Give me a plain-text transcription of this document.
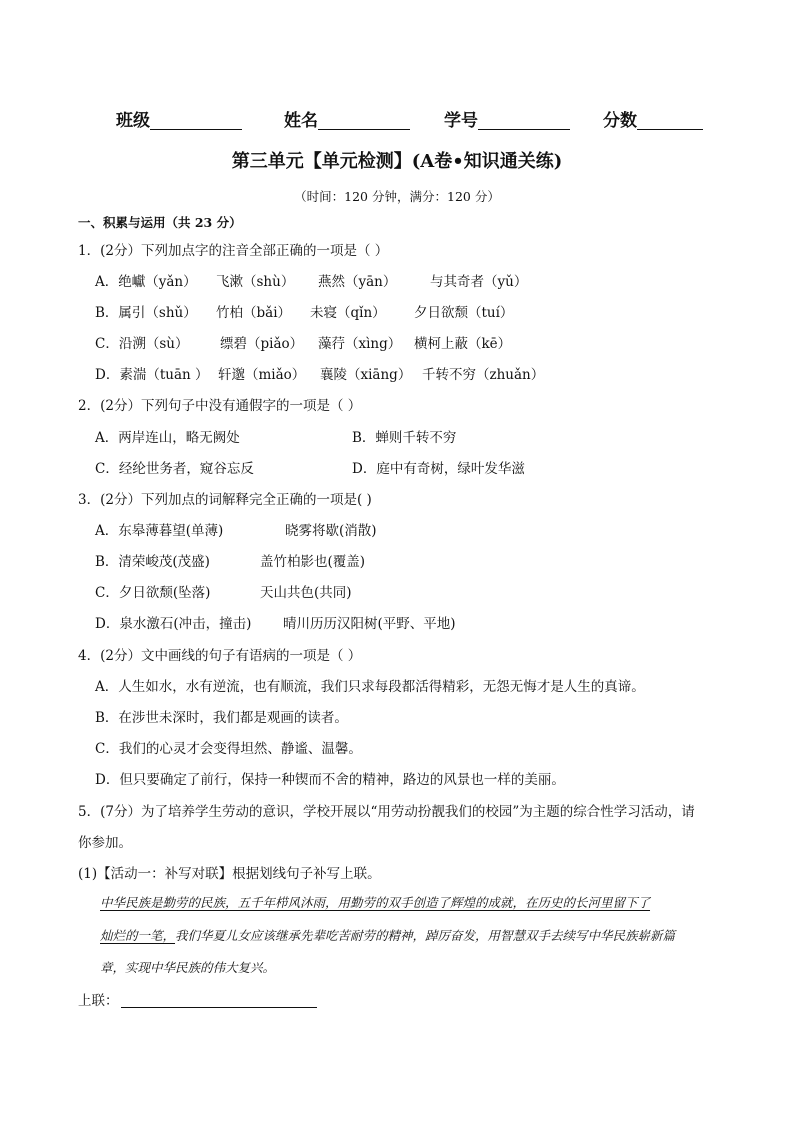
班级	姓名	学号	分数
第三单元【单元检测】(A卷•知识通关练)
（时间：120 分钟，满分：120 分）
一、积累与运用（共 23 分）
1．(2分）下列加点字的注音全部正确的一项是（ ）
A．绝巘（yǎn） 飞漱（shù） 燕然（yān） 与其奇者（yǔ）
B．属引（shǔ） 竹柏（bǎi） 未寝（qǐn） 夕日欲颓（tuí）
C．沿溯（sù） 缥碧（piǎo） 藻荇（xìng） 横柯上蔽（kē）
D．素湍（tuān ） 轩邈（miǎo） 襄陵（xiāng） 千转不穷（zhuǎn）
2．(2分）下列句子中没有通假字的一项是（ ）
A．两岸连山，略无阙处	B．蝉则千转不穷
C．经纶世务者，窥谷忘反	D．庭中有奇树，绿叶发华滋
3．(2分）下列加点的词解释完全正确的一项是( )
A．东皋薄暮望(单薄)	晓雾将歇(消散)
B．清荣峻茂(茂盛)	盖竹柏影也(覆盖)
C．夕日欲颓(坠落)	天山共色(共同)
D．泉水激石(冲击，撞击) 晴川历历汉阳树(平野、平地)
4．(2分）文中画线的句子有语病的一项是（ ）
A．人生如水，水有逆流，也有顺流，我们只求每段都活得精彩，无怨无悔才是人生的真谛。
B．在涉世未深时，我们都是观画的读者。
C．我们的心灵才会变得坦然、静谧、温馨。
D．但只要确定了前行，保持一种锲而不舍的精神，路边的风景也一样的美丽。
5．(7分）为了培养学生劳动的意识，学校开展以“用劳动扮靓我们的校园”为主题的综合性学习活动，请
你参加。
(1)【活动一：补写对联】根据划线句子补写上联。
中华民族是勤劳的民族，五千年栉风沐雨，用勤劳的双手创造了辉煌的成就，在历史的长河里留下了
灿烂的一笔，我们华夏儿女应该继承先辈吃苦耐劳的精神，踔厉奋发，用智慧双手去续写中华民族崭新篇
章，实现中华民族的伟大复兴。
上联：
